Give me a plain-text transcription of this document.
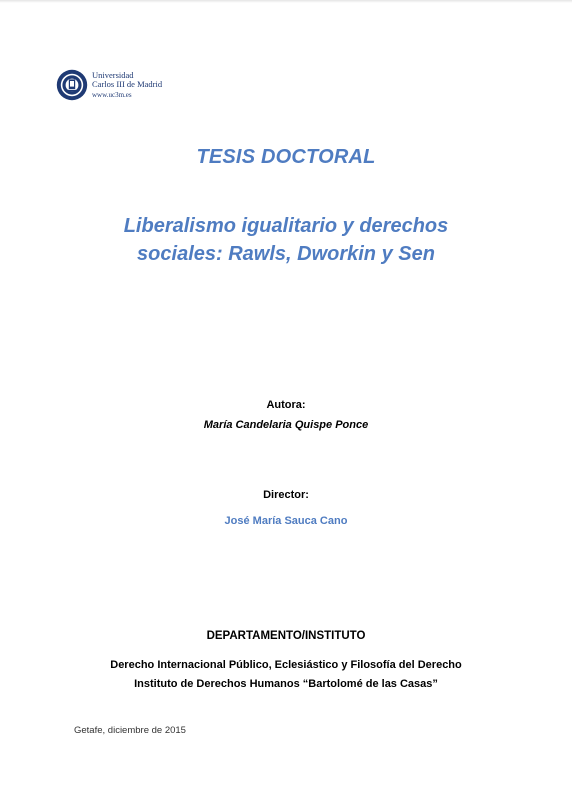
Universidad
Carlos III de Madrid
www.uc3m.es
TESIS DOCTORAL
Liberalismo igualitario y derechos
sociales: Rawls, Dworkin y Sen
Autora:
María Candelaria Quispe Ponce
Director:
José María Sauca Cano
DEPARTAMENTO/INSTITUTO
Derecho Internacional Público, Eclesiástico y Filosofía del Derecho
Instituto de Derechos Humanos “Bartolomé de las Casas”
Getafe, diciembre de 2015
